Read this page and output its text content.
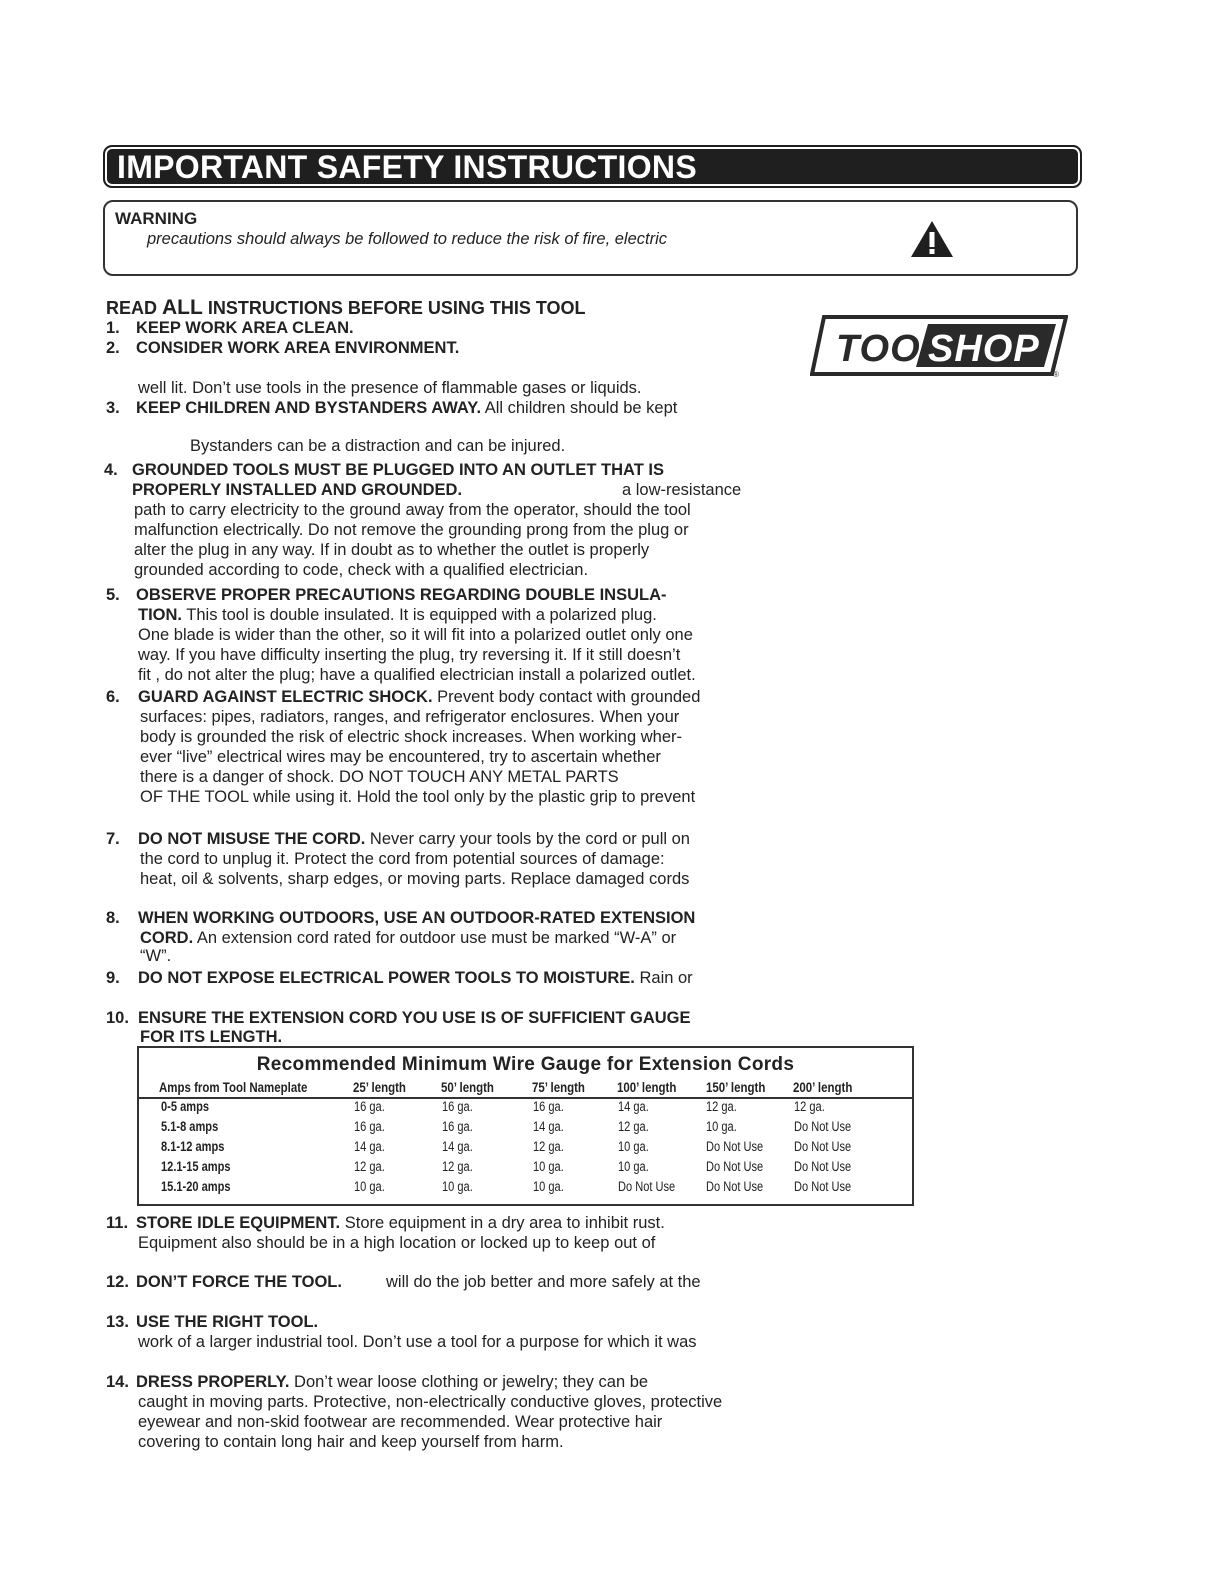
IMPORTANT SAFETY INSTRUCTIONS
WARNING
precautions should always be followed to reduce the risk of fire, electric
READ ALL INSTRUCTIONS BEFORE USING THIS TOOL
TOOL
SHOP
®
1. KEEP WORK AREA CLEAN.
2. CONSIDER WORK AREA ENVIRONMENT.
well lit. Don’t use tools in the presence of flammable gases or liquids.
3. KEEP CHILDREN AND BYSTANDERS AWAY. All children should be kept
Bystanders can be a distraction and can be injured.
4. GROUNDED TOOLS MUST BE PLUGGED INTO AN OUTLET THAT IS
PROPERLY INSTALLED AND GROUNDED.	a low-resistance
path to carry electricity to the ground away from the operator, should the tool
malfunction electrically. Do not remove the grounding prong from the plug or
alter the plug in any way. If in doubt as to whether the outlet is properly
grounded according to code, check with a qualified electrician.
5. OBSERVE PROPER PRECAUTIONS REGARDING DOUBLE INSULA-
TION. This tool is double insulated. It is equipped with a polarized plug.
One blade is wider than the other, so it will fit into a polarized outlet only one
way. If you have difficulty inserting the plug, try reversing it. If it still doesn’t
fit , do not alter the plug; have a qualified electrician install a polarized outlet.
6. GUARD AGAINST ELECTRIC SHOCK. Prevent body contact with grounded
surfaces: pipes, radiators, ranges, and refrigerator enclosures. When your
body is grounded the risk of electric shock increases. When working wher-
ever “live” electrical wires may be encountered, try to ascertain whether
there is a danger of shock. DO NOT TOUCH ANY METAL PARTS
OF THE TOOL while using it. Hold the tool only by the plastic grip to prevent
7. DO NOT MISUSE THE CORD. Never carry your tools by the cord or pull on
the cord to unplug it. Protect the cord from potential sources of damage:
heat, oil & solvents, sharp edges, or moving parts. Replace damaged cords
8. WHEN WORKING OUTDOORS, USE AN OUTDOOR-RATED EXTENSION
CORD. An extension cord rated for outdoor use must be marked “W-A” or
“W”.
9. DO NOT EXPOSE ELECTRICAL POWER TOOLS TO MOISTURE. Rain or
10. ENSURE THE EXTENSION CORD YOU USE IS OF SUFFICIENT GAUGE
FOR ITS LENGTH.
Recommended Minimum Wire Gauge for Extension Cords
Amps from Tool Nameplate	25’ length	50’ length	75’ length 100’ length 150’ length 200’ length
0-5 amps	16 ga.	16 ga.	16 ga.	14 ga.	12 ga.	12 ga.
5.1-8 amps	16 ga.	16 ga.	14 ga.	12 ga.	10 ga.	Do Not Use
8.1-12 amps	14 ga.	14 ga.	12 ga.	10 ga.	Do Not Use Do Not Use
12.1-15 amps	12 ga.	12 ga.	10 ga.	10 ga.	Do Not Use Do Not Use
15.1-20 amps	10 ga.	10 ga.	10 ga.	Do Not Use Do Not Use Do Not Use
11. STORE IDLE EQUIPMENT. Store equipment in a dry area to inhibit rust.
Equipment also should be in a high location or locked up to keep out of
12. DON’T FORCE THE TOOL.	will do the job better and more safely at the
13. USE THE RIGHT TOOL.
work of a larger industrial tool. Don’t use a tool for a purpose for which it was
14. DRESS PROPERLY. Don’t wear loose clothing or jewelry; they can be
caught in moving parts. Protective, non-electrically conductive gloves, protective
eyewear and non-skid footwear are recommended. Wear protective hair
covering to contain long hair and keep yourself from harm.
